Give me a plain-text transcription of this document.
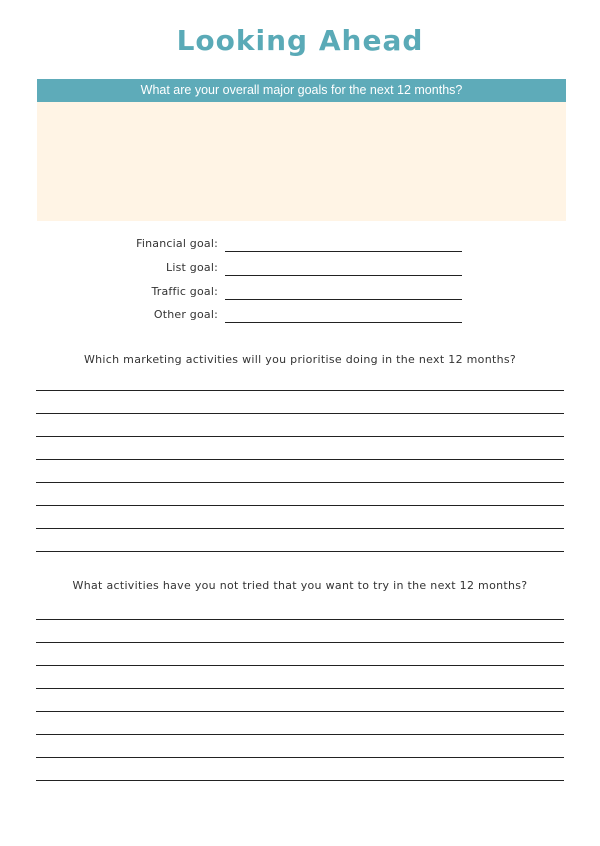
Looking Ahead
What are your overall major goals for the next 12 months?
Financial goal:
List goal:
Traffic goal:
Other goal:
Which marketing activities will you prioritise doing in the next 12 months?
What activities have you not tried that you want to try in the next 12 months?
